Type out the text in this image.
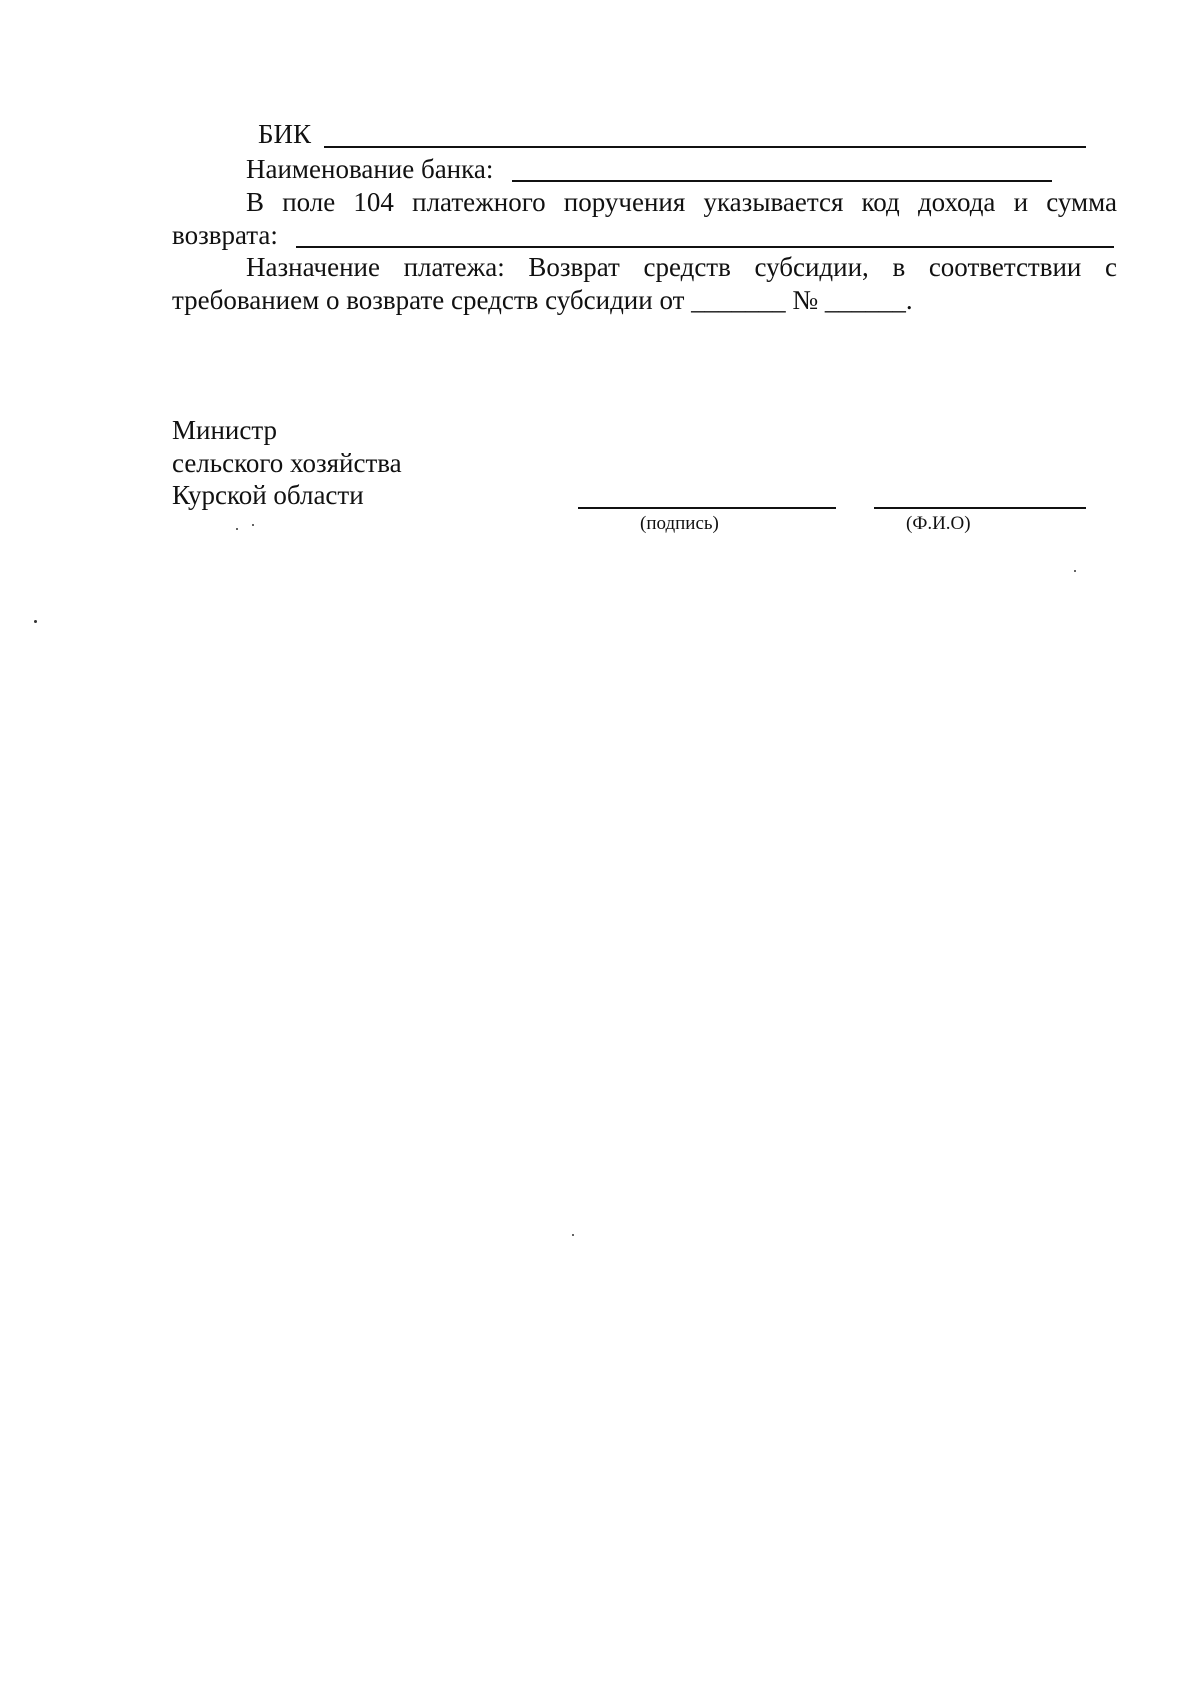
БИК
Наименование банка:
В поле 104 платежного поручения указывается код дохода и сумма
возврата:
Назначение платежа: Возврат средств субсидии, в соответствии с
требованием о возврате средств субсидии от _______ № ______.
Министр
сельского хозяйства
Курской области
(подпись)	(Ф.И.О)
